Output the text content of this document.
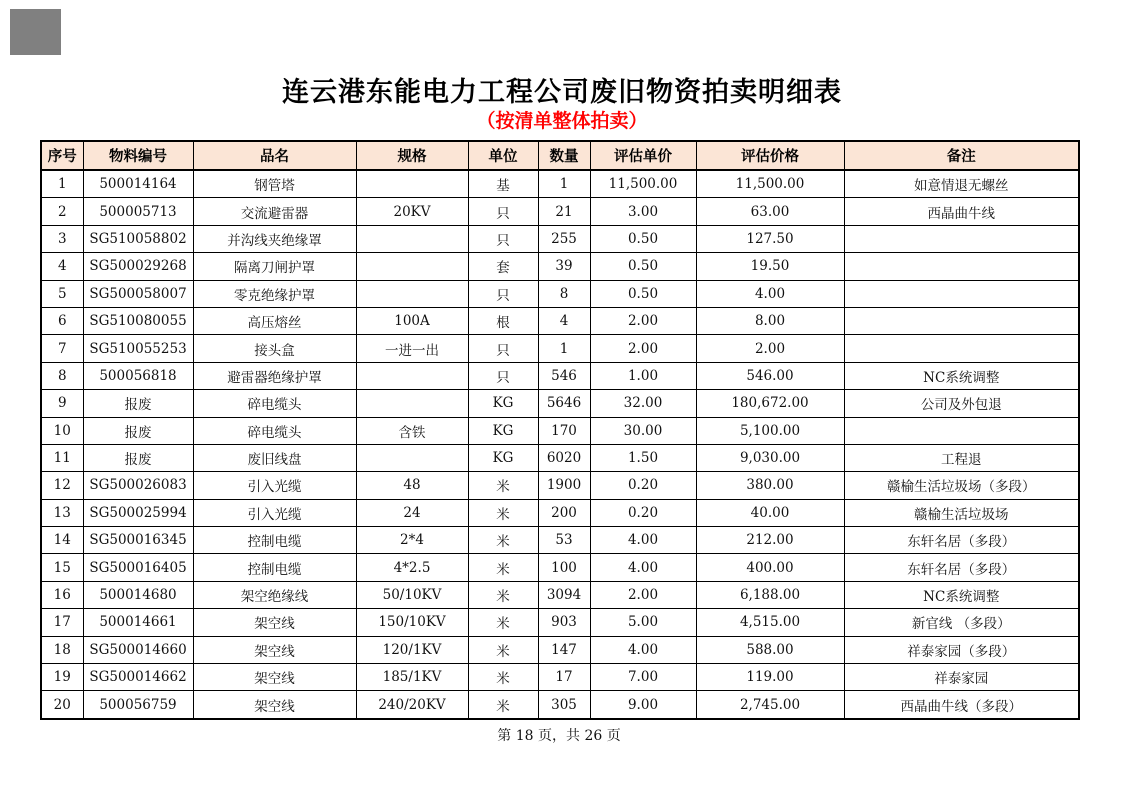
连云港东能电力工程公司废旧物资拍卖明细表
（按清单整体拍卖）
序号	物料编号	品名	规格	单位	数量	评估单价	评估价格	备注
1	500014164	钢管塔		基	1	11,500.00	11,500.00	如意情退无螺丝
2	500005713	交流避雷器	20KV	只	21	3.00	63.00	西晶曲牛线
3	SG510058802	并沟线夹绝缘罩		只	255	0.50	127.50	
4	SG500029268	隔离刀闸护罩		套	39	0.50	19.50	
5	SG500058007	零克绝缘护罩		只	8	0.50	4.00	
6	SG510080055	高压熔丝	100A	根	4	2.00	8.00	
7	SG510055253	接头盒	一进一出	只	1	2.00	2.00	
8	500056818	避雷器绝缘护罩		只	546	1.00	546.00	NC系统调整
9	报废	碎电缆头		KG	5646	32.00	180,672.00	公司及外包退
10	报废	碎电缆头	含铁	KG	170	30.00	5,100.00	
11	报废	废旧线盘		KG	6020	1.50	9,030.00	工程退
12	SG500026083	引入光缆	48	米	1900	0.20	380.00	赣榆生活垃圾场（多段）
13	SG500025994	引入光缆	24	米	200	0.20	40.00	赣榆生活垃圾场
14	SG500016345	控制电缆	2*4	米	53	4.00	212.00	东轩名居（多段）
15	SG500016405	控制电缆	4*2.5	米	100	4.00	400.00	东轩名居（多段）
16	500014680	架空绝缘线	50/10KV	米	3094	2.00	6,188.00	NC系统调整
17	500014661	架空线	150/10KV	米	903	5.00	4,515.00	新官线 （多段）
18	SG500014660	架空线	120/1KV	米	147	4.00	588.00	祥泰家园（多段）
19	SG500014662	架空线	185/1KV	米	17	7.00	119.00	祥泰家园
20	500056759	架空线	240/20KV	米	305	9.00	2,745.00	西晶曲牛线（多段）
第 18 页，共 26 页
